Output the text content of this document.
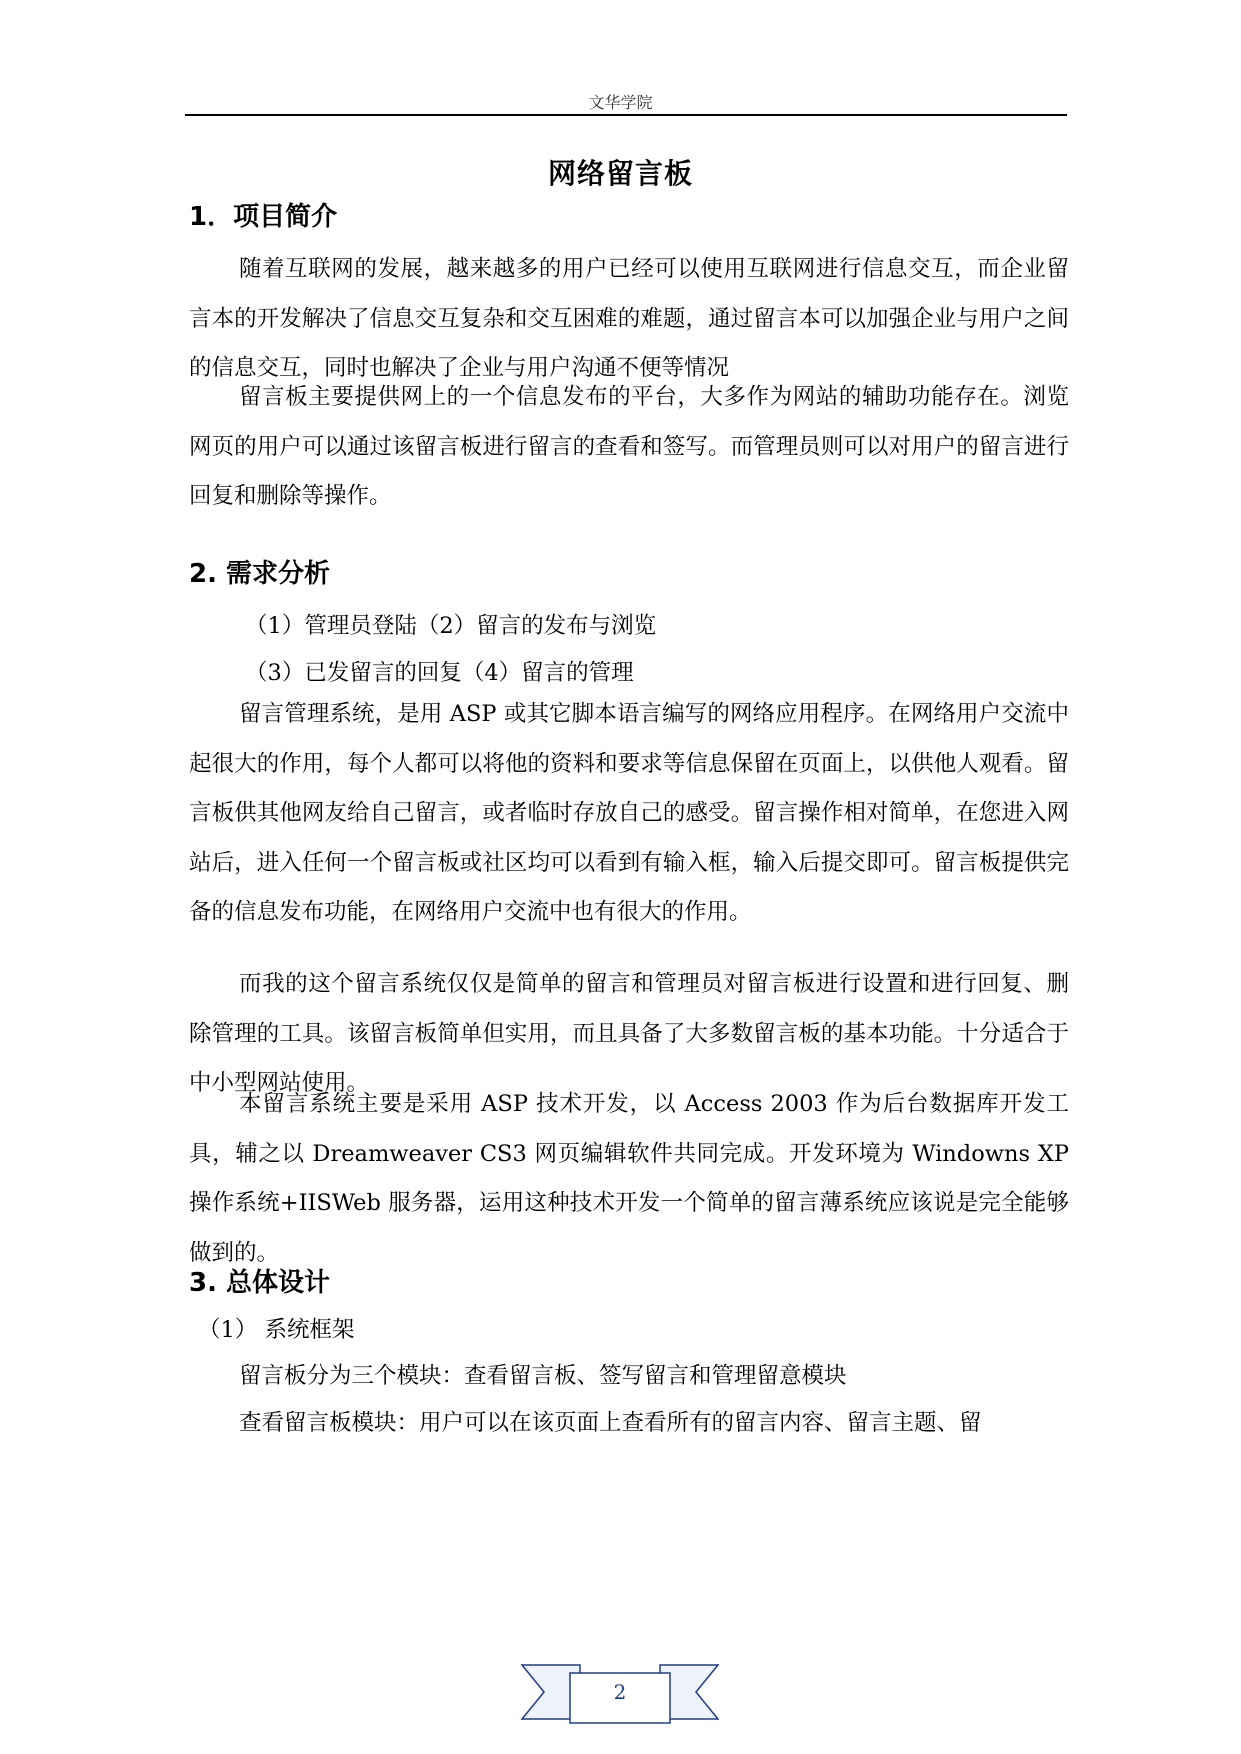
文华学院
网络留言板
1．项目简介
随着互联网的发展，越来越多的用户已经可以使用互联网进行信息交互，而企业留言本的开发解决了信息交互复杂和交互困难的难题，通过留言本可以加强企业与用户之间的信息交互，同时也解决了企业与用户沟通不便等情况
留言板主要提供网上的一个信息发布的平台，大多作为网站的辅助功能存在。浏览网页的用户可以通过该留言板进行留言的查看和签写。而管理员则可以对用户的留言进行回复和删除等操作。
2. 需求分析
（1）管理员登陆（2）留言的发布与浏览
（3）已发留言的回复（4）留言的管理
留言管理系统，是用 ASP 或其它脚本语言编写的网络应用程序。在网络用户交流中起很大的作用，每个人都可以将他的资料和要求等信息保留在页面上，以供他人观看。留言板供其他网友给自己留言，或者临时存放自己的感受。留言操作相对简单，在您进入网站后，进入任何一个留言板或社区均可以看到有输入框，输入后提交即可。留言板提供完备的信息发布功能，在网络用户交流中也有很大的作用。
而我的这个留言系统仅仅是简单的留言和管理员对留言板进行设置和进行回复、删除管理的工具。该留言板简单但实用，而且具备了大多数留言板的基本功能。十分适合于中小型网站使用。
本留言系统主要是采用 ASP 技术开发，以 Access 2003 作为后台数据库开发工具，辅之以 Dreamweaver CS3 网页编辑软件共同完成。开发环境为 Windowns XP 操作系统+IISWeb 服务器，运用这种技术开发一个简单的留言薄系统应该说是完全能够做到的。
3. 总体设计
（1） 系统框架
留言板分为三个模块：查看留言板、签写留言和管理留意模块
查看留言板模块：用户可以在该页面上查看所有的留言内容、留言主题、留
2
